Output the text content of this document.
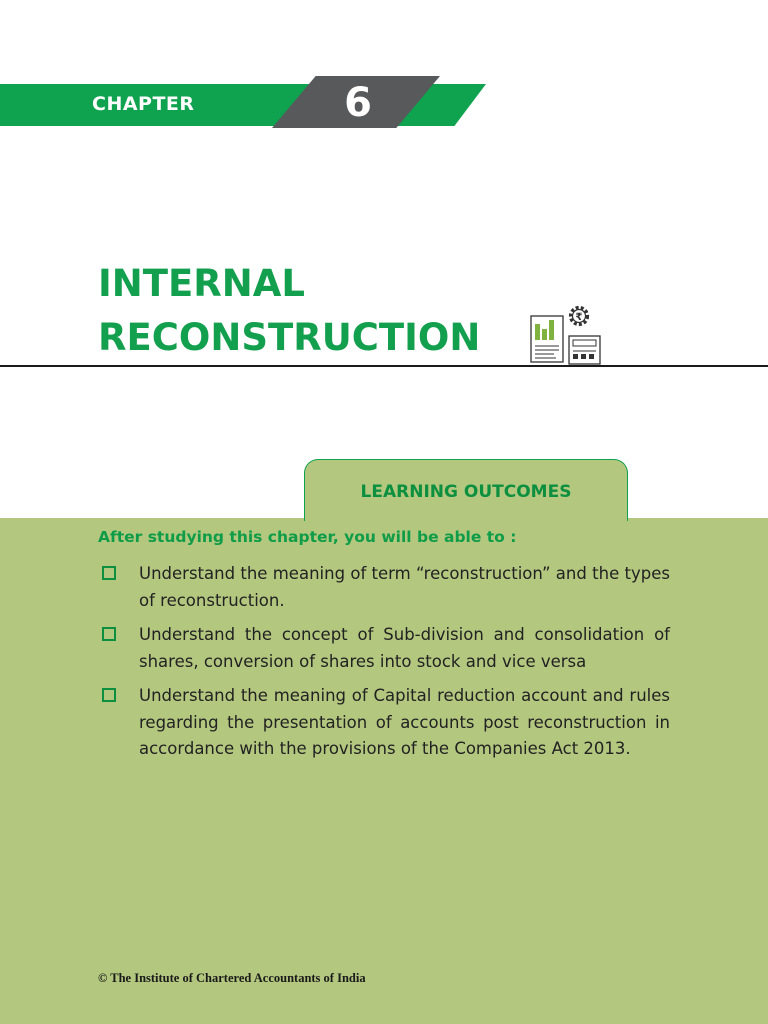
CHAPTER	6
INTERNAL
RECONSTRUCTION	₹
LEARNING OUTCOMES
After studying this chapter, you will be able to :
Understand the meaning of term “reconstruction” and the types of reconstruction.
Understand the concept of Sub-division and consolidation of shares, conversion of shares into stock and vice versa
Understand the meaning of Capital reduction account and rules regarding the presentation of accounts post reconstruction in accordance with the provisions of the Companies Act 2013.
© The Institute of Chartered Accountants of India
